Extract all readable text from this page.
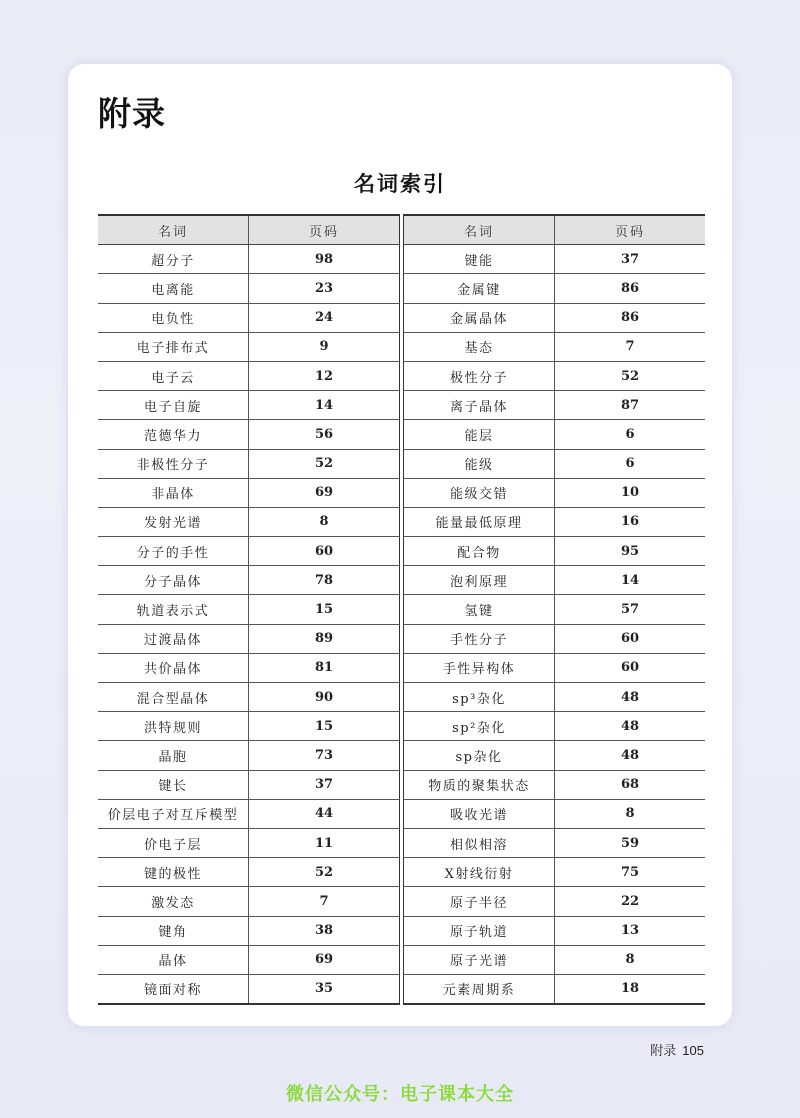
附录
名词索引
名词	页码
超分子	98
电离能	23
电负性	24
电子排布式	9
电子云	12
电子自旋	14
范德华力	56
非极性分子	52
非晶体	69
发射光谱	8
分子的手性	60
分子晶体	78
轨道表示式	15
过渡晶体	89
共价晶体	81
混合型晶体	90
洪特规则	15
晶胞	73
键长	37
价层电子对互斥模型	44
价电子层	11
键的极性	52
激发态	7
键角	38
晶体	69
镜面对称	35
名词	页码
键能	37
金属键	86
金属晶体	86
基态	7
极性分子	52
离子晶体	87
能层	6
能级	6
能级交错	10
能量最低原理	16
配合物	95
泡利原理	14
氢键	57
手性分子	60
手性异构体	60
sp³杂化	48
sp²杂化	48
sp杂化	48
物质的聚集状态	68
吸收光谱	8
相似相溶	59
X射线衍射	75
原子半径	22
原子轨道	13
原子光谱	8
元素周期系	18
附录 105
微信公众号：电子课本大全
